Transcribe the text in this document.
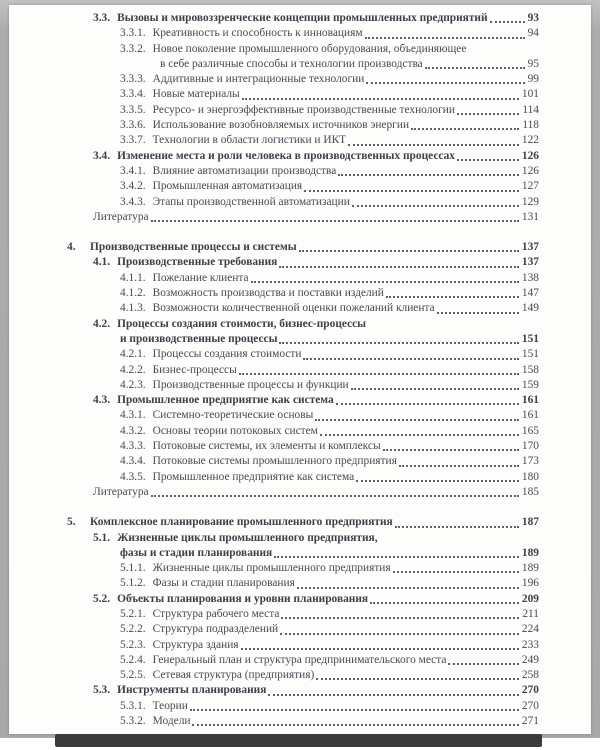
3.3. Вызовы и мировоззренческие концепции промышленных предприятий	93
3.3.1. Креативность и способность к инновациям	94
3.3.2. Новое поколение промышленного оборудования, объединяющее
в себе различные способы и технологии производства	95
3.3.3. Аддитивные и интеграционные технологии	99
3.3.4. Новые материалы	101
3.3.5. Ресурсо- и энергоэффективные производственные технологии	114
3.3.6. Использование возобновляемых источников энергии	118
3.3.7. Технологии в области логистики и ИКТ	122
3.4. Изменение места и роли человека в производственных процессах	126
3.4.1. Влияние автоматизации производства	126
3.4.2. Промышленная автоматизация	127
3.4.3. Этапы производственной автоматизации	129
Литература	131
4.	Производственные процессы и системы	137
4.1. Производственные требования	137
4.1.1. Пожелание клиента	138
4.1.2. Возможность производства и поставки изделий	147
4.1.3. Возможности количественной оценки пожеланий клиента	149
4.2. Процессы создания стоимости, бизнес-процессы
и производственные процессы	151
4.2.1. Процессы создания стоимости	151
4.2.2. Бизнес-процессы	158
4.2.3. Производственные процессы и функции	159
4.3. Промышленное предприятие как система	161
4.3.1. Системно-теоретические основы	161
4.3.2. Основы теории потоковых систем	165
4.3.3. Потоковые системы, их элементы и комплексы	170
4.3.4. Потоковые системы промышленного предприятия	173
4.3.5. Промышленное предприятие как система	180
Литература	185
5.	Комплексное планирование промышленного предприятия	187
5.1. Жизненные циклы промышленного предприятия,
фазы и стадии планирования	189
5.1.1. Жизненные циклы промышленного предприятия	189
5.1.2. Фазы и стадии планирования	196
5.2. Объекты планирования и уровни планирования	209
5.2.1. Структура рабочего места	211
5.2.2. Структура подразделений	224
5.2.3. Структура здания	233
5.2.4. Генеральный план и структура предпринимательского места	249
5.2.5. Сетевая структура (предприятия)	258
5.3. Инструменты планирования	270
5.3.1. Теории	270
5.3.2. Модели	271
